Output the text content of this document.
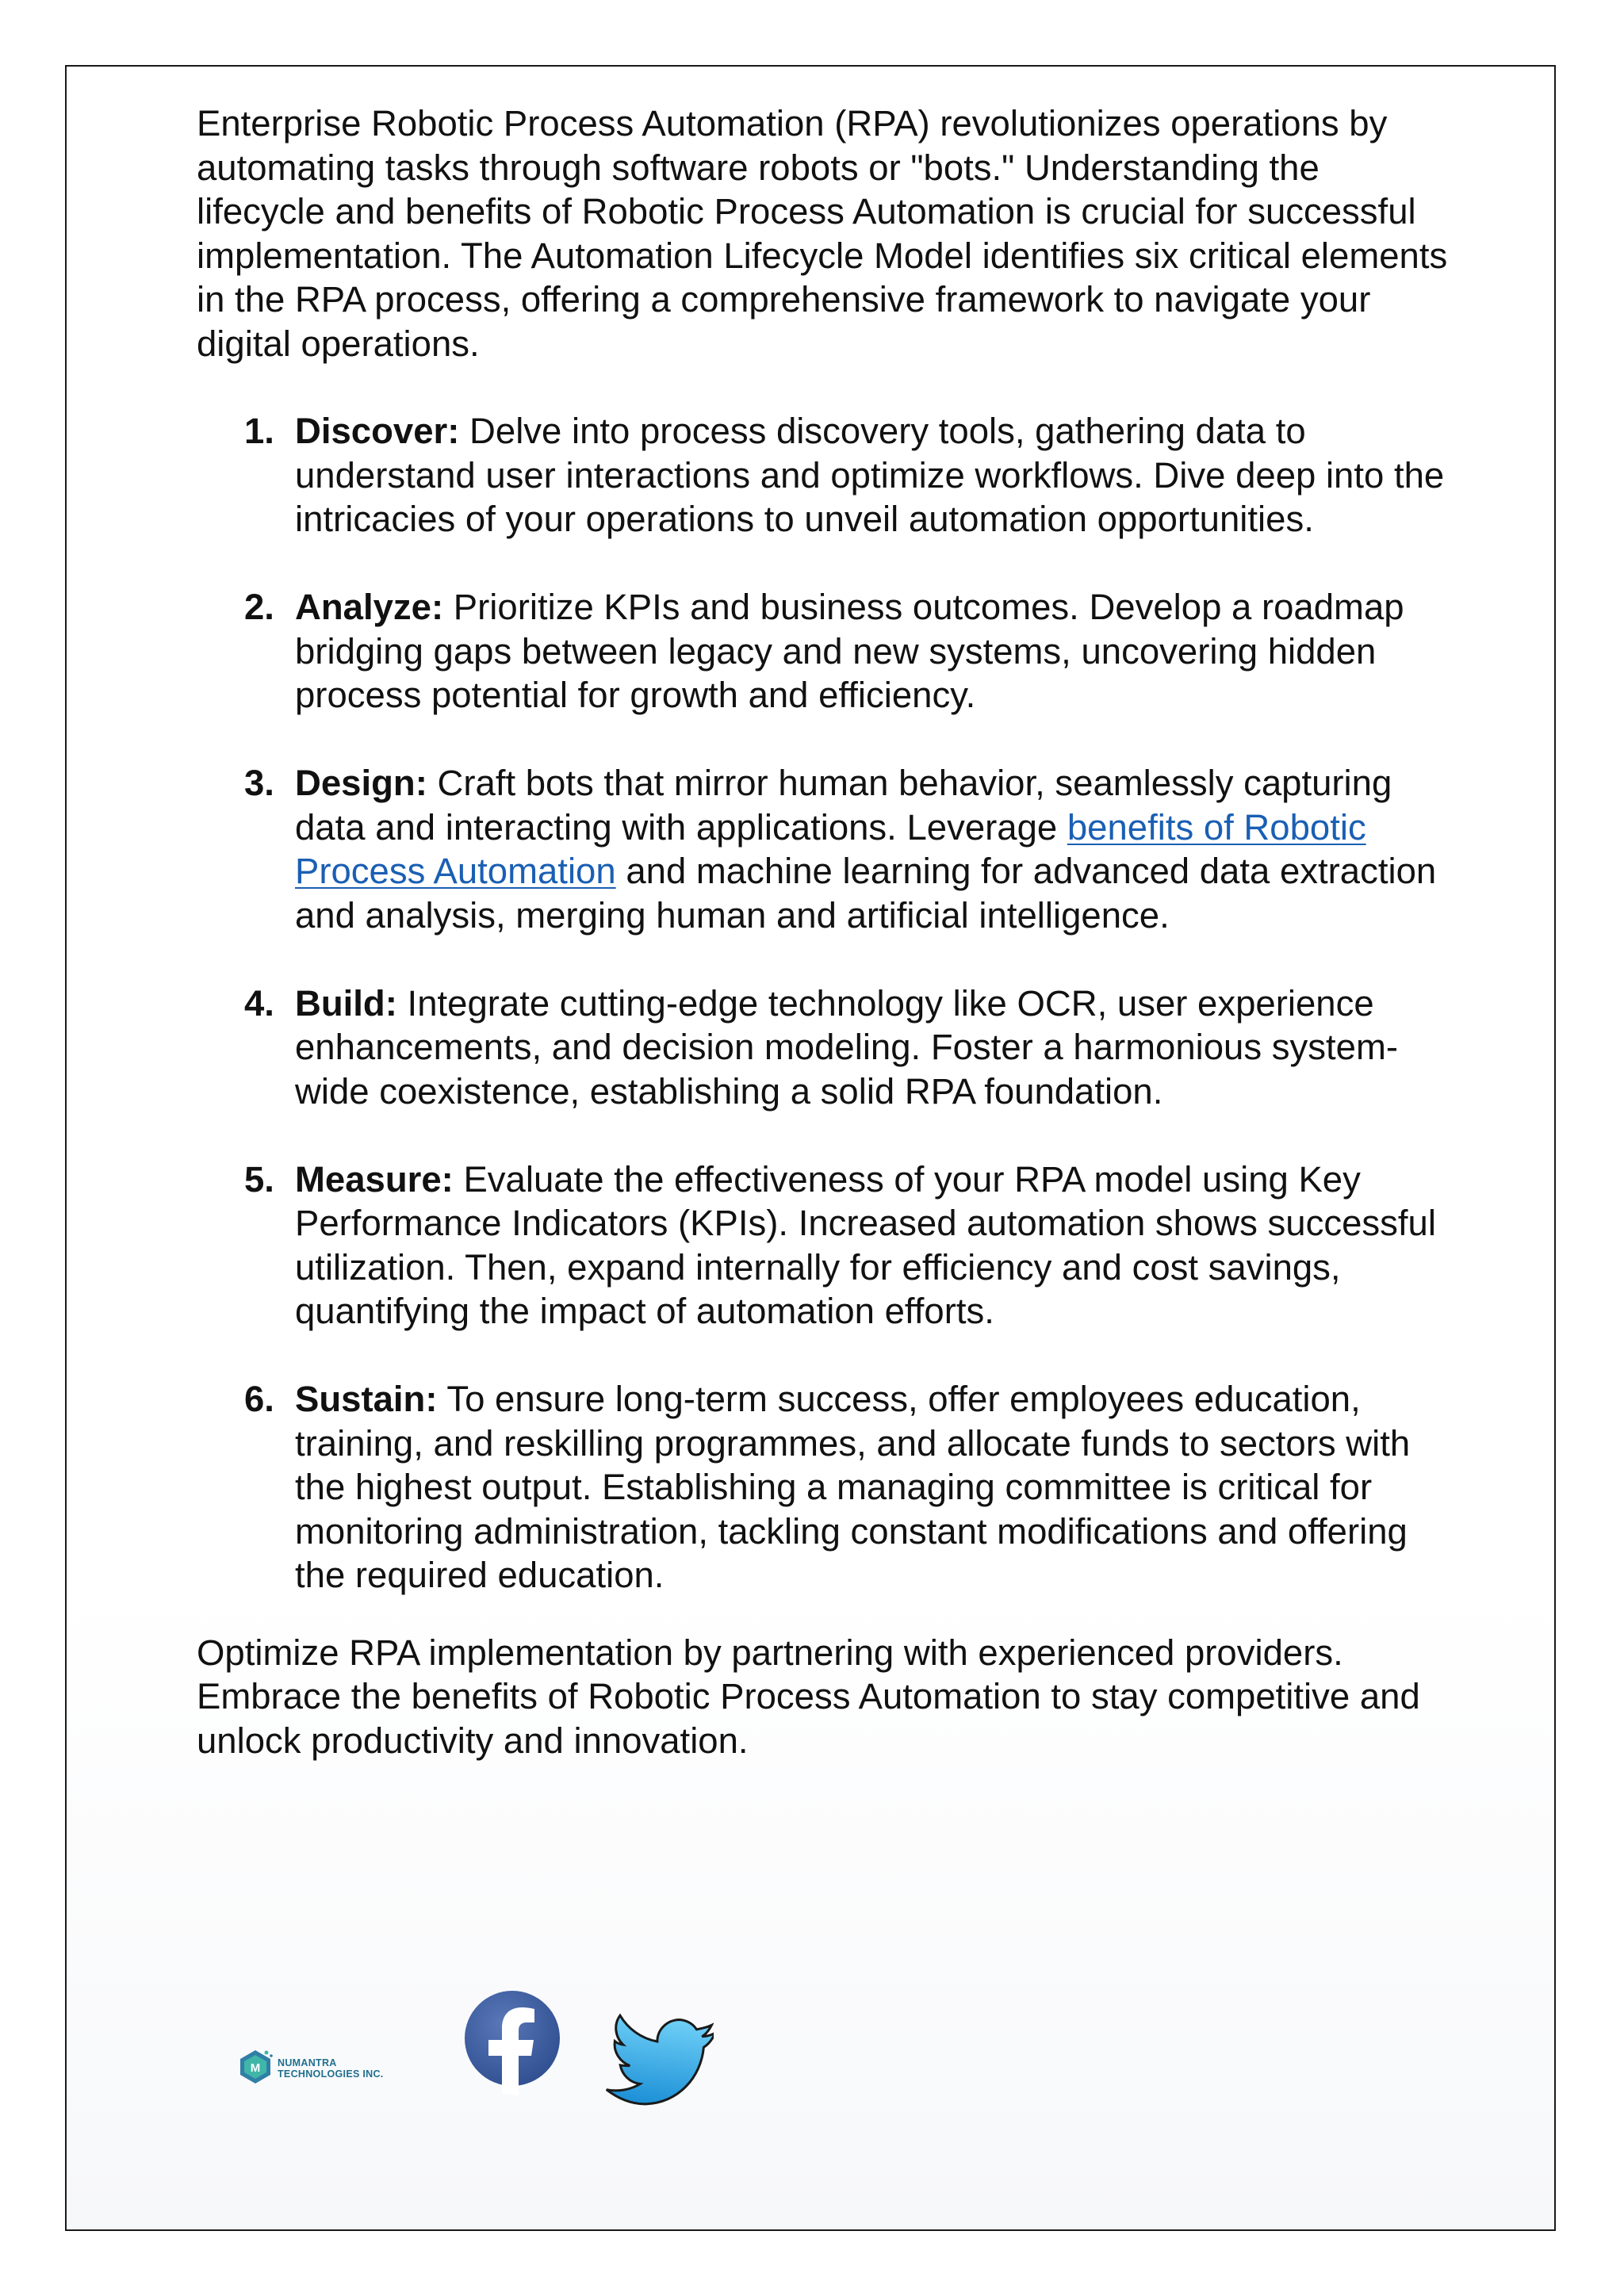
Enterprise Robotic Process Automation (RPA) revolutionizes operations by automating tasks through software robots or "bots." Understanding the lifecycle and benefits of Robotic Process Automation is crucial for successful implementation. The Automation Lifecycle Model identifies six critical elements in the RPA process, offering a comprehensive framework to navigate your digital operations.

1. Discover: Delve into process discovery tools, gathering data to understand user interactions and optimize workflows. Dive deep into the intricacies of your operations to unveil automation opportunities.
2. Analyze: Prioritize KPIs and business outcomes. Develop a roadmap bridging gaps between legacy and new systems, uncovering hidden process potential for growth and efficiency.
3. Design: Craft bots that mirror human behavior, seamlessly capturing data and interacting with applications. Leverage benefits of Robotic Process Automation and machine learning for advanced data extraction and analysis, merging human and artificial intelligence.
4. Build: Integrate cutting-edge technology like OCR, user experience enhancements, and decision modeling. Foster a harmonious system-wide coexistence, establishing a solid RPA foundation.
5. Measure: Evaluate the effectiveness of your RPA model using Key Performance Indicators (KPIs). Increased automation shows successful utilization. Then, expand internally for efficiency and cost savings, quantifying the impact of automation efforts.
6. Sustain: To ensure long-term success, offer employees education, training, and reskilling programmes, and allocate funds to sectors with the highest output. Establishing a managing committee is critical for monitoring administration, tackling constant modifications and offering the required education.

Optimize RPA implementation by partnering with experienced providers. Embrace the benefits of Robotic Process Automation to stay competitive and unlock productivity and innovation.

M NUMANTRA
TECHNOLOGIES INC.
